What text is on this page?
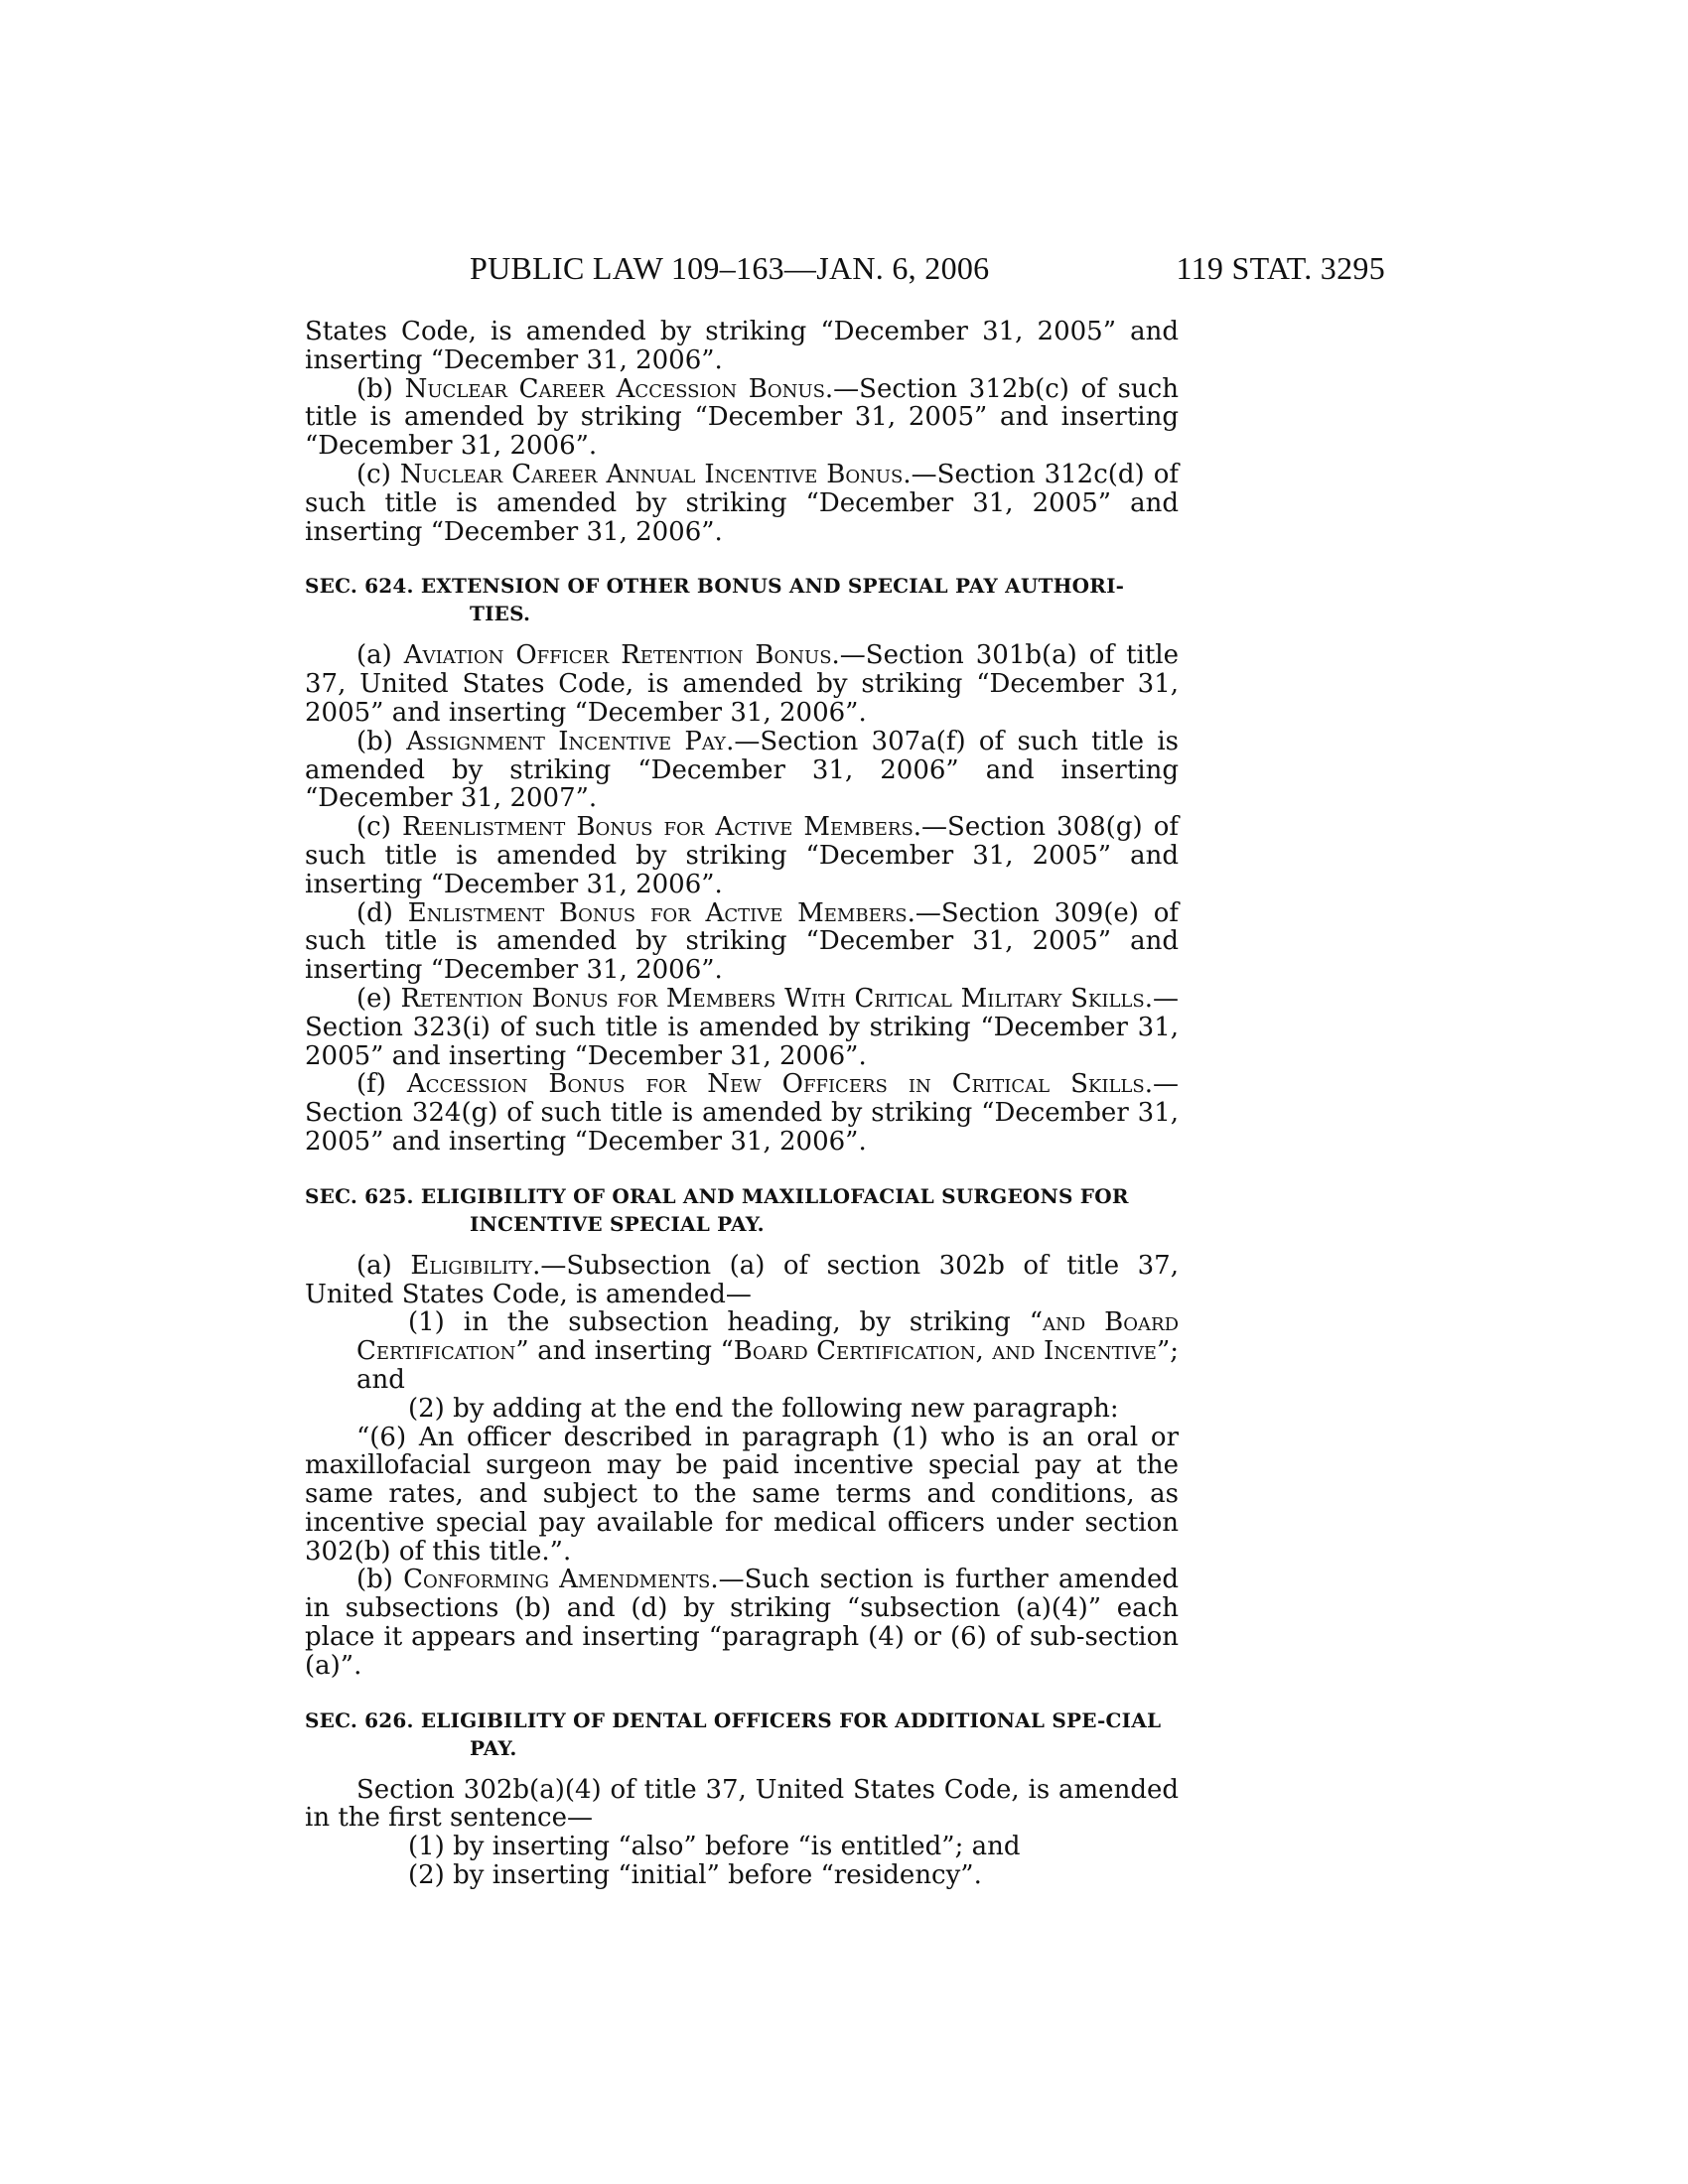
PUBLIC LAW 109–163—JAN. 6, 2006	119 STAT. 3295

States Code, is amended by striking “December 31, 2005” and inserting “December 31, 2006”.

(b) Nuclear Career Accession Bonus.—Section 312b(c) of such title is amended by striking “December 31, 2005” and inserting “December 31, 2006”.

(c) Nuclear Career Annual Incentive Bonus.—Section 312c(d) of such title is amended by striking “December 31, 2005” and inserting “December 31, 2006”.

SEC. 624. EXTENSION OF OTHER BONUS AND SPECIAL PAY AUTHORI-TIES.

(a) Aviation Officer Retention Bonus.—Section 301b(a) of title 37, United States Code, is amended by striking “December 31, 2005” and inserting “December 31, 2006”.

(b) Assignment Incentive Pay.—Section 307a(f) of such title is amended by striking “December 31, 2006” and inserting “December 31, 2007”.

(c) Reenlistment Bonus for Active Members.—Section 308(g) of such title is amended by striking “December 31, 2005” and inserting “December 31, 2006”.

(d) Enlistment Bonus for Active Members.—Section 309(e) of such title is amended by striking “December 31, 2005” and inserting “December 31, 2006”.

(e) Retention Bonus for Members With Critical Military Skills.—Section 323(i) of such title is amended by striking “December 31, 2005” and inserting “December 31, 2006”.

(f) Accession Bonus for New Officers in Critical Skills.— Section 324(g) of such title is amended by striking “December 31, 2005” and inserting “December 31, 2006”.

SEC. 625. ELIGIBILITY OF ORAL AND MAXILLOFACIAL SURGEONS FOR INCENTIVE SPECIAL PAY.

(a) Eligibility.—Subsection (a) of section 302b of title 37, United States Code, is amended—

(1) in the subsection heading, by striking “and Board Certification” and inserting “Board Certification, and Incentive”; and

(2) by adding at the end the following new paragraph:

“(6) An officer described in paragraph (1) who is an oral or maxillofacial surgeon may be paid incentive special pay at the same rates, and subject to the same terms and conditions, as incentive special pay available for medical officers under section 302(b) of this title.”.

(b) Conforming Amendments.—Such section is further amended in subsections (b) and (d) by striking “subsection (a)(4)” each place it appears and inserting “paragraph (4) or (6) of sub-section (a)”.

SEC. 626. ELIGIBILITY OF DENTAL OFFICERS FOR ADDITIONAL SPE-CIAL PAY.

Section 302b(a)(4) of title 37, United States Code, is amended in the first sentence—

(1) by inserting “also” before “is entitled”; and

(2) by inserting “initial” before “residency”.
